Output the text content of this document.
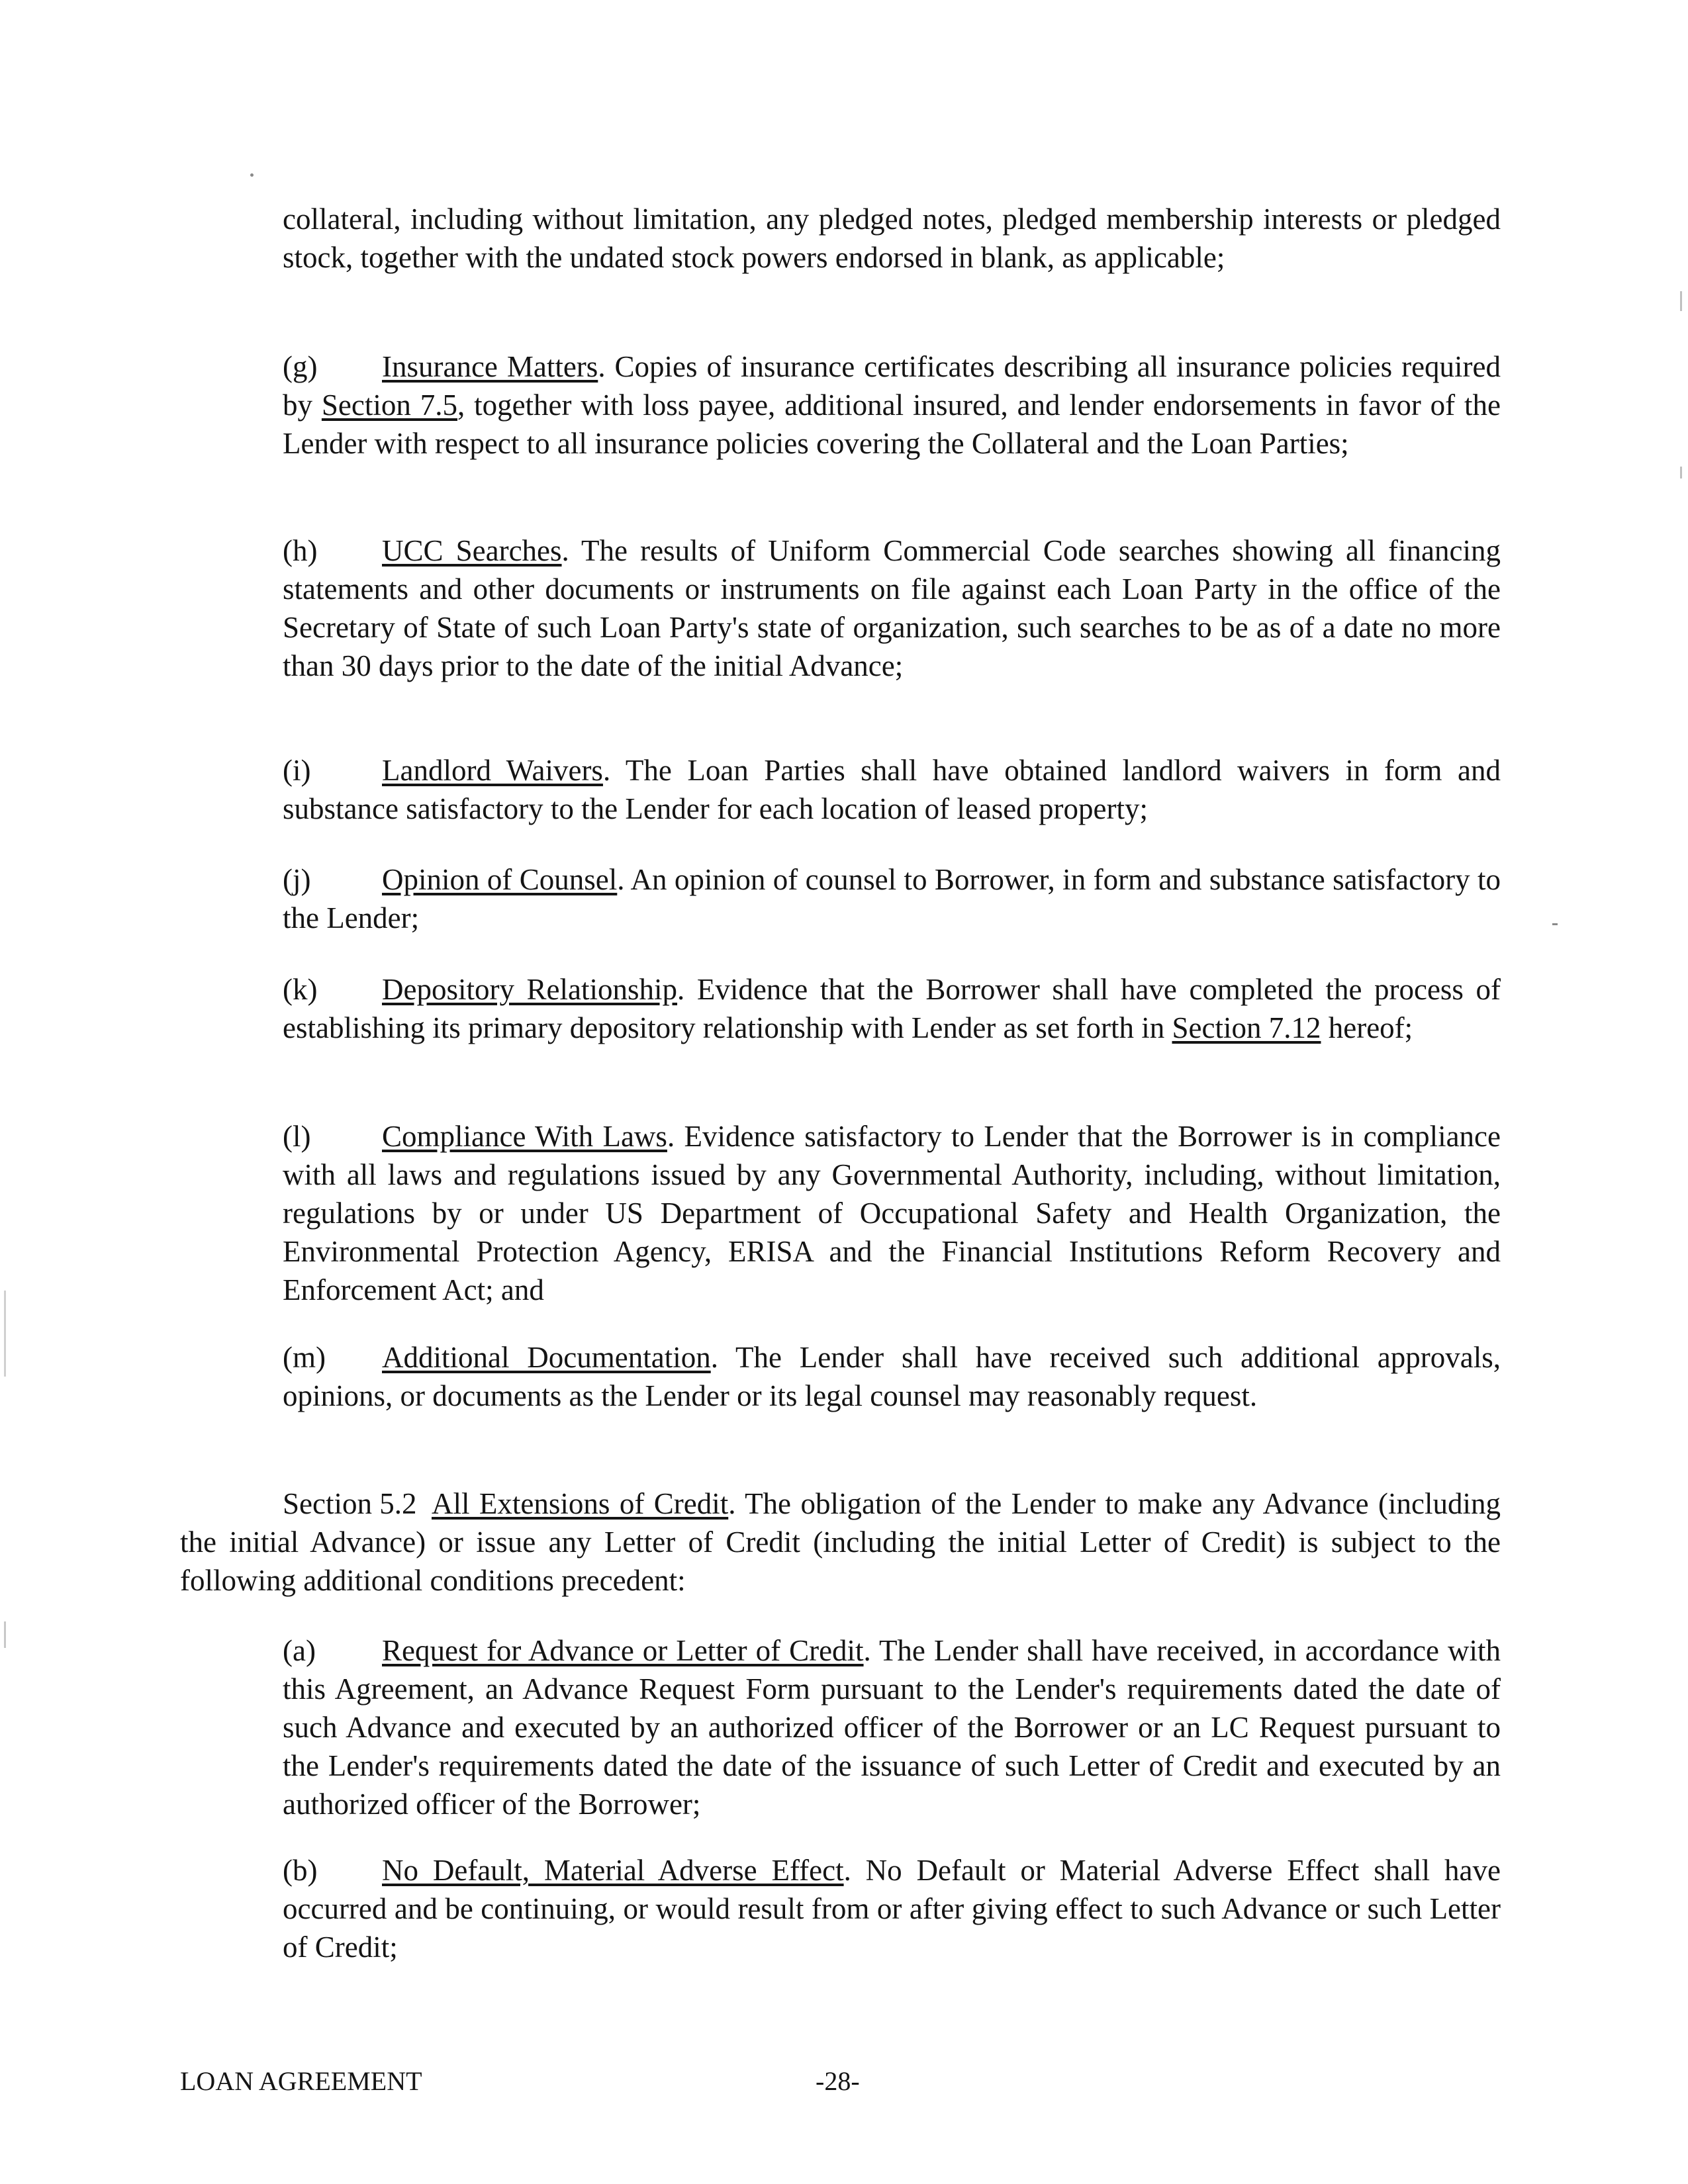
collateral, including without limitation, any pledged notes, pledged membership interests or pledged stock, together with the undated stock powers endorsed in blank, as applicable;

(g) Insurance Matters. Copies of insurance certificates describing all insurance policies required by Section 7.5, together with loss payee, additional insured, and lender endorsements in favor of the Lender with respect to all insurance policies covering the Collateral and the Loan Parties;

(h) UCC Searches. The results of Uniform Commercial Code searches showing all financing statements and other documents or instruments on file against each Loan Party in the office of the Secretary of State of such Loan Party's state of organization, such searches to be as of a date no more than 30 days prior to the date of the initial Advance;

(i) Landlord Waivers. The Loan Parties shall have obtained landlord waivers in form and substance satisfactory to the Lender for each location of leased property;

(j) Opinion of Counsel. An opinion of counsel to Borrower, in form and substance satisfactory to the Lender;

(k) Depository Relationship. Evidence that the Borrower shall have completed the process of establishing its primary depository relationship with Lender as set forth in Section 7.12 hereof;

(l) Compliance With Laws. Evidence satisfactory to Lender that the Borrower is in compliance with all laws and regulations issued by any Governmental Authority, including, without limitation, regulations by or under US Department of Occupational Safety and Health Organization, the Environmental Protection Agency, ERISA and the Financial Institutions Reform Recovery and Enforcement Act; and

(m) Additional Documentation. The Lender shall have received such additional approvals, opinions, or documents as the Lender or its legal counsel may reasonably request.

Section 5.2 All Extensions of Credit. The obligation of the Lender to make any Advance (including the initial Advance) or issue any Letter of Credit (including the initial Letter of Credit) is subject to the following additional conditions precedent:

(a) Request for Advance or Letter of Credit. The Lender shall have received, in accordance with this Agreement, an Advance Request Form pursuant to the Lender's requirements dated the date of such Advance and executed by an authorized officer of the Borrower or an LC Request pursuant to the Lender's requirements dated the date of the issuance of such Letter of Credit and executed by an authorized officer of the Borrower;

(b) No Default, Material Adverse Effect. No Default or Material Adverse Effect shall have occurred and be continuing, or would result from or after giving effect to such Advance or such Letter of Credit;

LOAN AGREEMENT	-28-
